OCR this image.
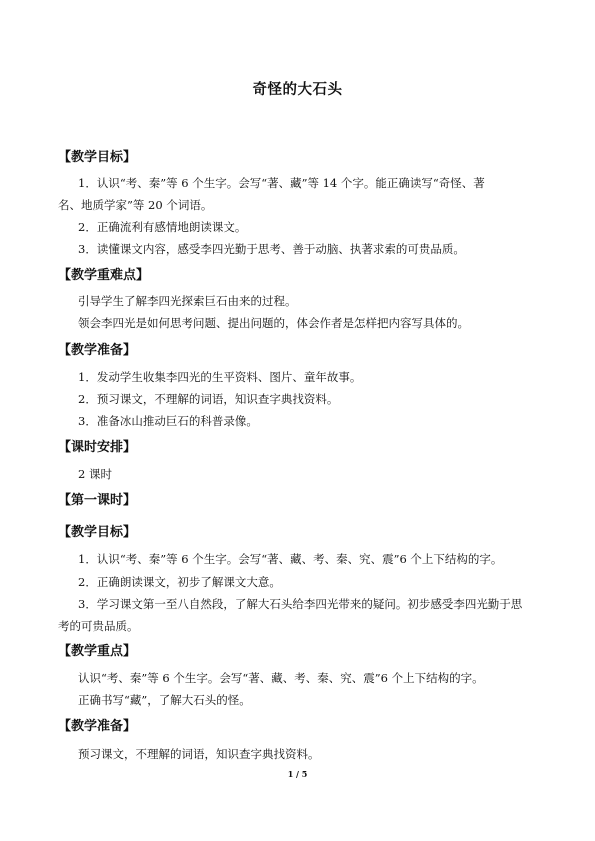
奇怪的大石头
【教学目标】
1．认识“考、秦”等 6 个生字。会写“著、藏”等 14 个字。能正确读写“奇怪、著
名、地质学家”等 20 个词语。
2．正确流利有感情地朗读课文。
3．读懂课文内容，感受李四光勤于思考、善于动脑、执著求索的可贵品质。
【教学重难点】
引导学生了解李四光探索巨石由来的过程。
领会李四光是如何思考问题、提出问题的，体会作者是怎样把内容写具体的。
【教学准备】
1．发动学生收集李四光的生平资料、图片、童年故事。
2．预习课文，不理解的词语，知识查字典找资料。
3．准备冰山推动巨石的科普录像。
【课时安排】
2 课时
【第一课时】
【教学目标】
1．认识“考、秦”等 6 个生字。会写“著、藏、考、秦、究、震”6 个上下结构的字。
2．正确朗读课文，初步了解课文大意。
3．学习课文第一至八自然段，了解大石头给李四光带来的疑问。初步感受李四光勤于思
考的可贵品质。
【教学重点】
认识“考、秦”等 6 个生字。会写“著、藏、考、秦、究、震”6 个上下结构的字。
正确书写“藏”，了解大石头的怪。
【教学准备】
预习课文，不理解的词语，知识查字典找资料。
1 / 5
